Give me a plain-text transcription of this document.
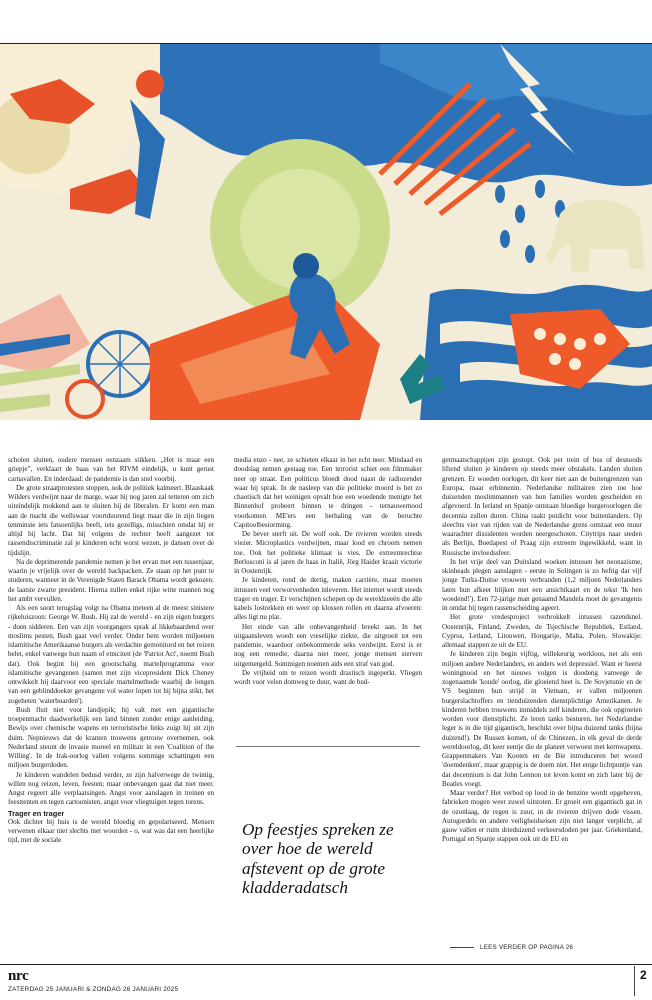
scholen sluiten, oudere mensen eenzaam stikken. „Het is maar een griepje”, verklaart de baas van het RIVM eindelijk, u kunt gerust carnavallen. En inderdaad: de pandemie is dan snel voorbij.

De grote straatprotesten stoppen, ook de politiek kalmeert. Blaaskaak Wilders verdwijnt naar de marge, waar hij nog jaren zal tetteren om zich uiteindelijk mokkend aan te sluiten bij de liberalen. Er komt een man aan de macht die wellswaar voortduurend liegt maar die in zijn liegen tenminste iets fatsoenlijks beeft, iets gezelligs, misschien omdat hij er altijd bij lacht. Dat hij volgens de rechter heeft aangezet tot rassendiscriminatie zal je kinderen echt worst wezen, je dansen over de tijdslijn.

Na de deprimerende pandemie nemen je het ervan met een tussenjaar, waarin je vrijelijk over de wereld backpacken. Ze staan op het punt te studeren, wanneer in de Verenigde Staten Barack Obama wordt gekozen: de laatste zwarte president. Hierna zullen enkel rijke witte mannen nog het ambt vervullen.

Als een soort terugslag volgt na Obama meteen al de meest sinistere rijkeluiszoon: George W. Bush. Hij zal de wereld - en zijn eigen burgers - doen sidderen. Een van zijn voorgangers sprak al likkebaardend over moslims pesten, Bush gaat veel verder. Onder hem worden miljoenen islamitische Amerikaanse burgers als verdachte gemonitord en het reizen belet, enkel vanwege hun naam of etniciteit (de 'Patriot Act', noemt Bush dat). Ook begint hij een grootschalig marteIprogramma voor islamitische gevangenen (samen met zijn vicepresident Dick Cheney ontwikkelt hij daarvoor een speciale martelmethode waarbij de longen van een geblinddoekte gevangene vol water lopen tot hij bijna stikt, het zogeheten 'waterboarden').

Bush fluit niet voor landjepik; hij valt met een gigantische troepenmacht daadwerkelijk een land binnen zonder enige aanleiding. Bewijs over chemische wapens en terroristische links zuigt hij uit zijn duim. Nepnieuws dat de kranten trouwens getrouw overnemen, ook Nederland steunt de invasie moreel en militair in een 'Coalition of the Willing'. In de Irak-oorlog vallen volgens sommige schattingen een miljoen burgerdoden.

Je kinderen wandelen bedusd verder, ze zijn halverwege de twintig, willen nog reizen, leven, feesten; maar onbevangen gaat dat niet meer. Angst regeert alle verplaatsingen. Angst voor aanslagen in treinen en feesttenten en tegen cartoonisten, angst voor vliegtuigen tegen torens.

Trager en trager

Ook dichter bij huis is de wereld bloedig en gepolariseerd. Mensen verwenen elkaar niet slechts met woorden - o, wat was dat een heerlijke tijd, met de sociale

media enzo - nee, ze schieten elkaar in het echt neer. Mindaad en doodslag nemen gestaag toe. Een terrorist schiet een filmmaker neer op straat. Een politicus bloedt dood naast de radiozender waar hij sprak. In de nasleep van die politieke moord is het zo chaotisch dat het weinigen opvalt hoe een woedende menigte het Binnenhof probeert binnen te dringen - ternauwernood voorkomen ME'ers een herhaling van de beruchte Capitoolbestorming.

De bever sterft uit. De wolf ook. De rivieren worden steeds viezer. Microplastics verdwijnen, maar lood en chroom nemen toe. Ook het politieke klimaat is vies. De extreemrechtse Berlusconi is al jaren de baas in Italië, Jörg Haider kraait victorie in Oostenrijk.

Je kinderen, rond de dertig, maken carrière, maar moeten intussen veel verworvenheden inleveren. Het internet wordt steeds trager en trager. Er verschijnen schepen op de wereldzeeën die alle kabels lostrekken en weer op klossen rollen en daarna afvoeren: alles ligt nu plat.

Het einde van alle onbevangenheid breekt aan. In het uitgaansleven woedt een vreselijke ziekte, die uitgroeit tot een pandemie, waardoor onbekommerde seks verdwijnt. Eerst is er nog een remedie, daarna niet meer, jonge mensen sterven uitgemergeld. Sommigen noemen aids een straf van god.

De vrijheid om te reizen wordt drastisch ingeperkt. Vliegen wordt voor velen domweg te duur, want de bud-

Op feestjes spreken ze over hoe de wereld afstevent op de grote kladderadatsch

getmaatschappijen zijn gestopt. Ook per trein of bus of desnoods liftend sluiten je kinderen op steeds meer obstakels. Landen sluiten grenzen. Er woeden oorlogen, dit keer niet aan de buitengrenzen van Europa, maar erbinnenin. Nederlandse militairen zien toe hoe duizenden moslimmannen van hun families worden gescheiden en afgevoerd. In Ierland en Spanje ontstaan bloedige burgeroorlogen die decennia zullen duren. China raakt potdicht voor buitenlanders. Op sleechts vier van rijden van de Nederlandse grens ontstaat een muur waarachter dissidenten worden neergeschoten. Citytrips naar steden als Berlijn, Boedapest of Praag zijn extreem ingewikkeld, want in Russische invloedssfeer.

In het vrije deel van Duitsland woeken intussen het neonazisme, skinheads plegen aanslagen - eerste in Solingen is zo heftig dat vijf jonge Turks-Duitse vrouwen verbranden (1,2 miljoen Nederlanders laten hun afkeer blijken met een ansichtkaart en de tekst 'Ik ben woedend!'). Een 72-jarige man genaamd Mandela moet de gevangenis in omdat hij tegen rassenscheiding ageert.

Het grote vredesproject verbrokkelt intussen razendsnel. Oostenrijk, Finland, Zweden, de Tsjechische Republiek, Estland, Cyprus, Letland, Litouwen, Hongarije, Malta, Polen, Slowakije: allemaal stappen ze uit de EU.

Je kinderen zijn begin vijftig, willekeurig werkloos, net als een miljoen andere Nederlanders, en anders wel depressief. Want er heerst woningnood en het nieuws volgen is doodeng vanwege de zogenaamde 'koude' oorlog, die gloeiend heet is. De Sovjetunie en de VS beginnen hun strijd in Vietnam, er vallen miljoenen burgerslachtoffers en tienduizenden dienstplichtige Amerikanen. Je kinderen hebben trouwens inmiddels zelf kinderen, die ook opgroeien worden voor dienstplicht. Ze leren tanks besturen, het Nederlandse leger is in die tijd gigantisch, beschikt over bijna duizend tanks (bijna duizend!). De Russen komen, of de Chinezen, in elk geval de derde wereldoorlog, dit keer eentje die de planeet verwoest met kernwapens. Grappenmakers Van Kooten en de Bie introduceren het woord 'doemdenken', maar grappig is de doem niet. Het enige lichtpuntje van dat decennium is dat John Lennon tot leven komt en zich later bij de Beatles voegt.

Maar verder? Het verbod op lood in de benzine wordt opgeheven, fabrieken mogen weer zuwel uitstoten. Er groeit een gigantisch gat in de ozonlaag, de regen is zuur, in de rivieren drijven dode vissen. Autogordels en andere veiligheidseisen zijn niet langer verplicht, al gauw vallen er ruim drieduizend verkeersdoden per jaar. Griekenland, Portugal en Spanje stappen ook uit de EU en

LEES VERDER OP PAGINA 26
nrc
ZATERDAG 25 JANUARI & ZONDAG 26 JANUARI 2025
2
